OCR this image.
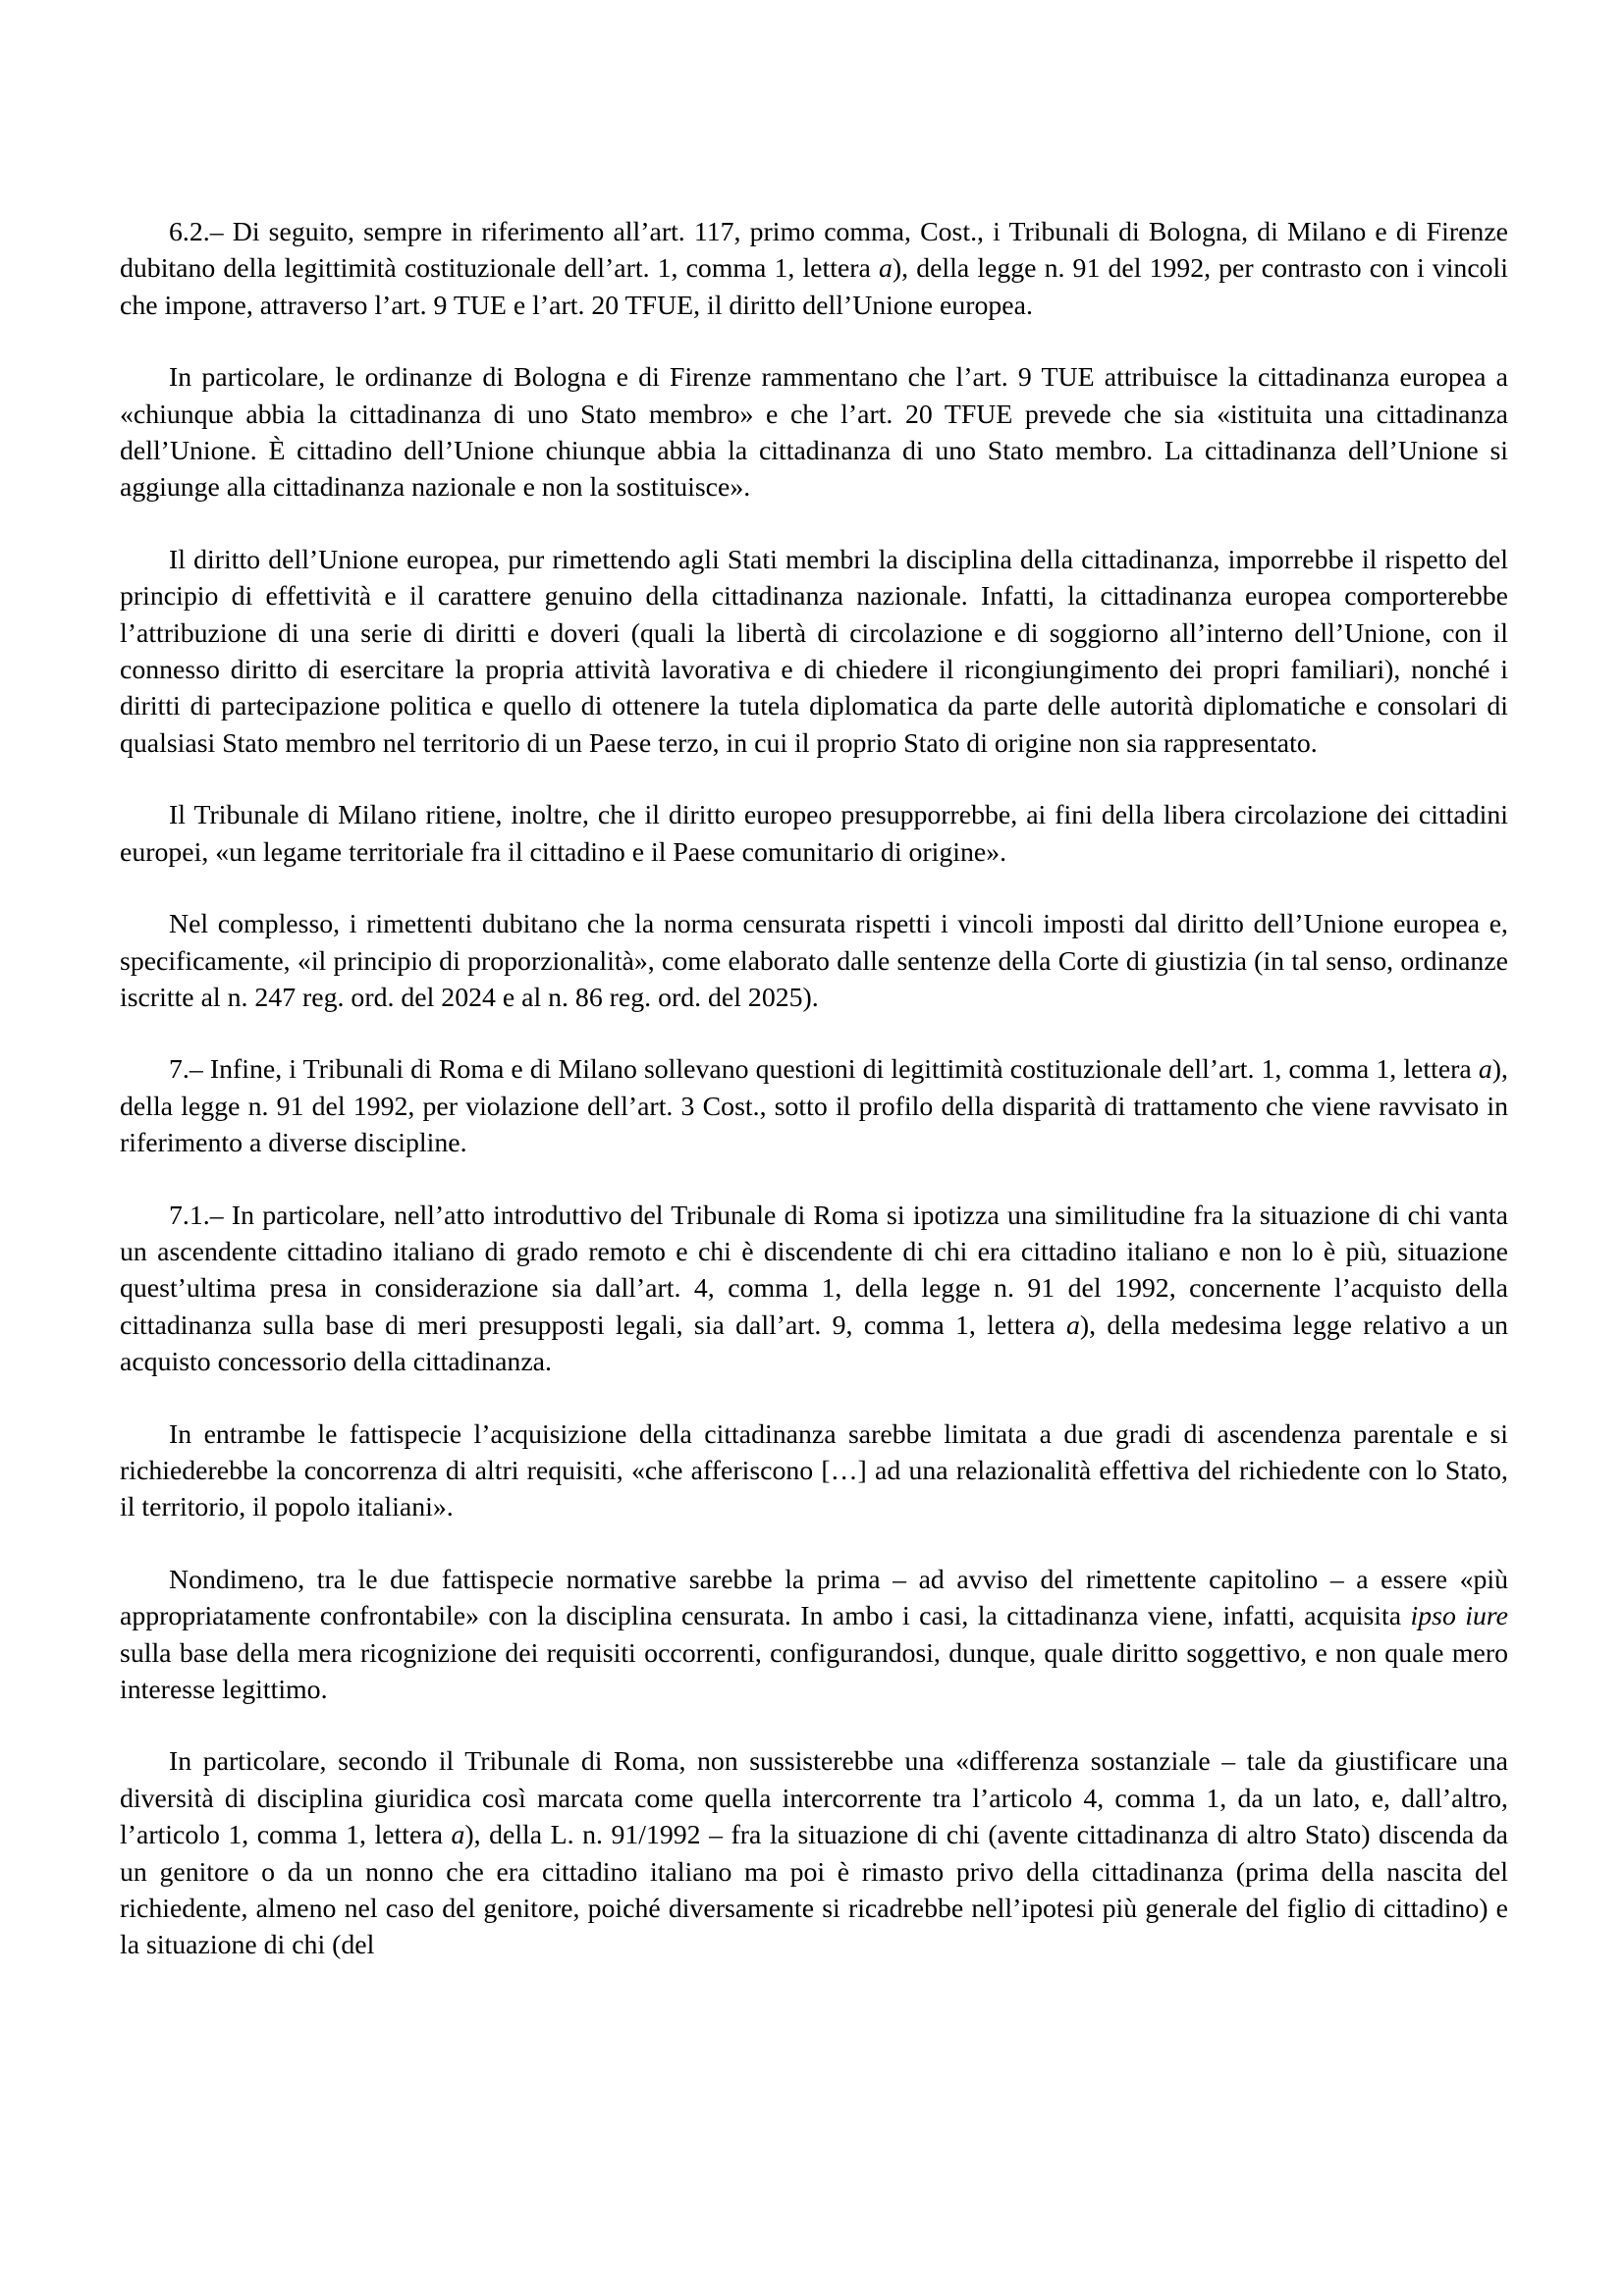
6.2.– Di seguito, sempre in riferimento all’art. 117, primo comma, Cost., i Tribunali di Bologna, di Milano e di Firenze dubitano della legittimità costituzionale dell’art. 1, comma 1, lettera a), della legge n. 91 del 1992, per contrasto con i vincoli che impone, attraverso l’art. 9 TUE e l’art. 20 TFUE, il diritto dell’Unione europea.

In particolare, le ordinanze di Bologna e di Firenze rammentano che l’art. 9 TUE attribuisce la cittadinanza europea a «chiunque abbia la cittadinanza di uno Stato membro» e che l’art. 20 TFUE prevede che sia «istituita una cittadinanza dell’Unione. È cittadino dell’Unione chiunque abbia la cittadinanza di uno Stato membro. La cittadinanza dell’Unione si aggiunge alla cittadinanza nazionale e non la sostituisce».

Il diritto dell’Unione europea, pur rimettendo agli Stati membri la disciplina della cittadinanza, imporrebbe il rispetto del principio di effettività e il carattere genuino della cittadinanza nazionale. Infatti, la cittadinanza europea comporterebbe l’attribuzione di una serie di diritti e doveri (quali la libertà di circolazione e di soggiorno all’interno dell’Unione, con il connesso diritto di esercitare la propria attività lavorativa e di chiedere il ricongiungimento dei propri familiari), nonché i diritti di partecipazione politica e quello di ottenere la tutela diplomatica da parte delle autorità diplomatiche e consolari di qualsiasi Stato membro nel territorio di un Paese terzo, in cui il proprio Stato di origine non sia rappresentato.

Il Tribunale di Milano ritiene, inoltre, che il diritto europeo presupporrebbe, ai fini della libera circolazione dei cittadini europei, «un legame territoriale fra il cittadino e il Paese comunitario di origine».

Nel complesso, i rimettenti dubitano che la norma censurata rispetti i vincoli imposti dal diritto dell’Unione europea e, specificamente, «il principio di proporzionalità», come elaborato dalle sentenze della Corte di giustizia (in tal senso, ordinanze iscritte al n. 247 reg. ord. del 2024 e al n. 86 reg. ord. del 2025).

7.– Infine, i Tribunali di Roma e di Milano sollevano questioni di legittimità costituzionale dell’art. 1, comma 1, lettera a), della legge n. 91 del 1992, per violazione dell’art. 3 Cost., sotto il profilo della disparità di trattamento che viene ravvisato in riferimento a diverse discipline.

7.1.– In particolare, nell’atto introduttivo del Tribunale di Roma si ipotizza una similitudine fra la situazione di chi vanta un ascendente cittadino italiano di grado remoto e chi è discendente di chi era cittadino italiano e non lo è più, situazione quest’ultima presa in considerazione sia dall’art. 4, comma 1, della legge n. 91 del 1992, concernente l’acquisto della cittadinanza sulla base di meri presupposti legali, sia dall’art. 9, comma 1, lettera a), della medesima legge relativo a un acquisto concessorio della cittadinanza.

In entrambe le fattispecie l’acquisizione della cittadinanza sarebbe limitata a due gradi di ascendenza parentale e si richiederebbe la concorrenza di altri requisiti, «che afferiscono […] ad una relazionalità effettiva del richiedente con lo Stato, il territorio, il popolo italiani».

Nondimeno, tra le due fattispecie normative sarebbe la prima – ad avviso del rimettente capitolino – a essere «più appropriatamente confrontabile» con la disciplina censurata. In ambo i casi, la cittadinanza viene, infatti, acquisita ipso iure sulla base della mera ricognizione dei requisiti occorrenti, configurandosi, dunque, quale diritto soggettivo, e non quale mero interesse legittimo.

In particolare, secondo il Tribunale di Roma, non sussisterebbe una «differenza sostanziale – tale da giustificare una diversità di disciplina giuridica così marcata come quella intercorrente tra l’articolo 4, comma 1, da un lato, e, dall’altro, l’articolo 1, comma 1, lettera a), della L. n. 91/1992 – fra la situazione di chi (avente cittadinanza di altro Stato) discenda da un genitore o da un nonno che era cittadino italiano ma poi è rimasto privo della cittadinanza (prima della nascita del richiedente, almeno nel caso del genitore, poiché diversamente si ricadrebbe nell’ipotesi più generale del figlio di cittadino) e la situazione di chi (del
